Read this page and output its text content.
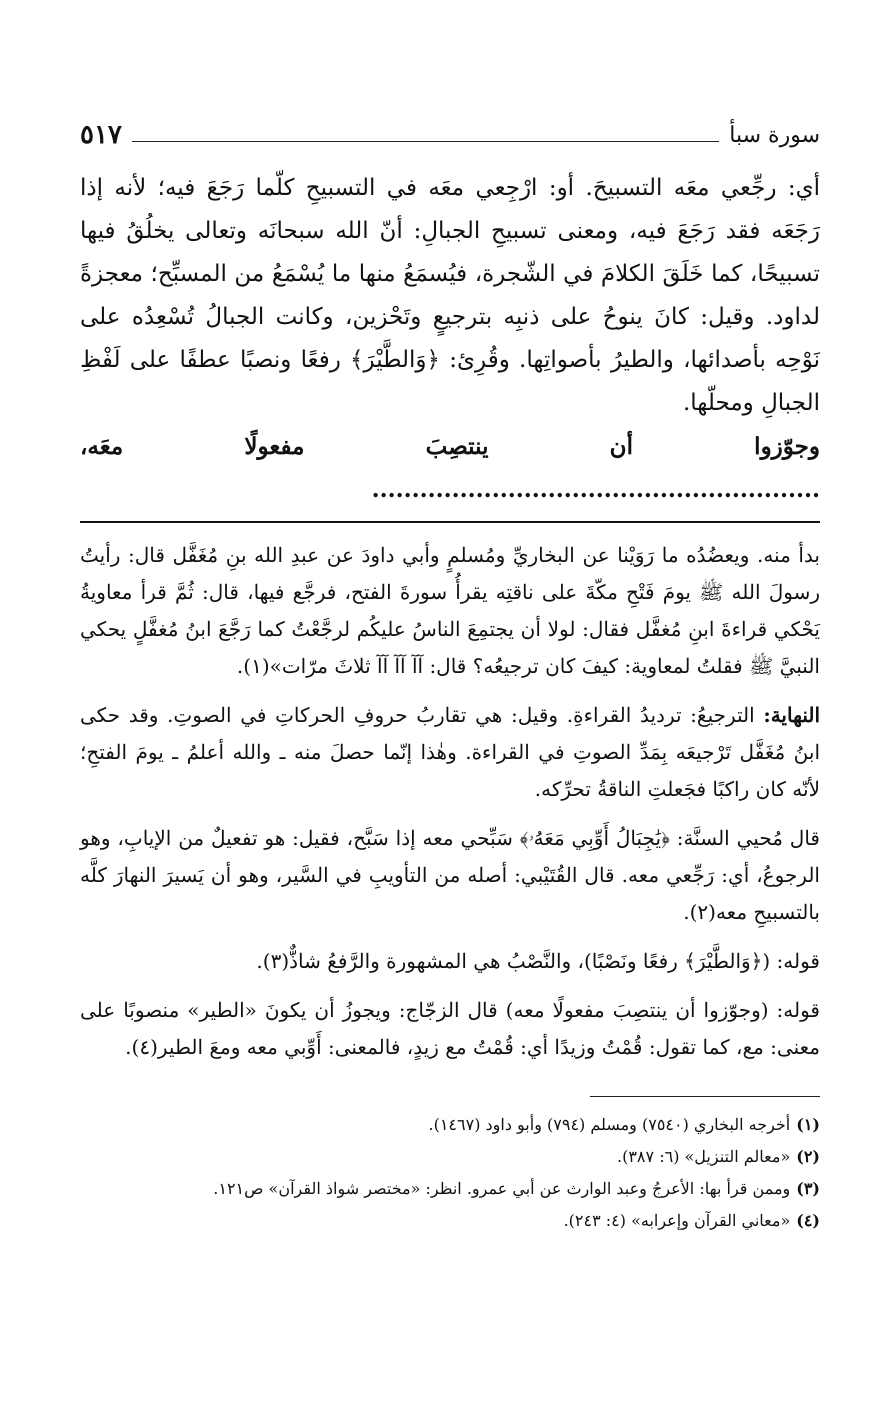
سورة سبأ
٥١٧

أي: رجِّعي معَه التسبيحَ. أو: ارْجِعي معَه في التسبيحِ كلّما رَجَعَ فيه؛ لأنه إذا رَجَعَه فقد رَجَعَ فيه، ومعنى تسبيحِ الجبالِ: أنّ الله سبحانَه وتعالى يخلُقُ فيها تسبيحًا، كما خَلَقَ الكلامَ في الشّجرة، فيُسمَعُ منها ما يُسْمَعُ من المسبِّح؛ معجزةً لداود. وقيل: كانَ ينوحُ على ذنبِه بترجيعٍ وتَحْزين، وكانت الجبالُ تُسْعِدُه على نَوْحِه بأصدائها، والطيرُ بأصواتِها. وقُرِئ: ﴿وَالطَّيْرَ﴾ رفعًا ونصبًا عطفًا على لَفْظِ الجبالِ ومحلّها.
وجوّزوا أن ينتصِبَ مفعولًا معَه، ........................................................

بدأ منه. ويعضُدُه ما رَوَيْنا عن البخاريِّ ومُسلمٍ وأبي داودَ عن عبدِ الله بنِ مُغَفَّل قال: رأيتُ رسولَ الله ﷺ يومَ فَتْحِ مكّةَ على ناقتِه يقرأُ سورةَ الفتح، فرجَّع فيها، قال: ثُمَّ قرأ معاويةُ يَحْكي قراءةَ ابنِ مُغفَّل فقال: لولا أن يجتمِعَ الناسُ عليكُم لرجَّعْتُ كما رَجَّعَ ابنُ مُغفَّلٍ يحكي النبيَّ ﷺ فقلتُ لمعاوية: كيفَ كان ترجيعُه؟ قال: آآ آآ آآ ثلاثَ مرّات»(١).

النهاية: الترجيعُ: ترديدُ القراءةِ. وقيل: هي تقاربُ حروفِ الحركاتِ في الصوتِ. وقد حكى ابنُ مُغَفَّل تَرْجيعَه بِمَدِّ الصوتِ في القراءة. وهٰذا إنّما حصلَ منه ـ والله أعلمُ ـ يومَ الفتحِ؛ لأنّه كان راكبًا فجَعلتِ الناقةُ تحرِّكه.

قال مُحيي السنَّة: ﴿يَٰجِبَالُ أَوِّبِي مَعَهُۥ﴾ سَبِّحي معه إذا سَبَّح، فقيل: هو تفعيلٌ من الإيابِ، وهو الرجوعُ، أي: رَجِّعي معه. قال القُتَيْبي: أصله من التأويبِ في السَّير، وهو أن يَسيرَ النهارَ كلَّه بالتسبيحِ معه(٢).

قوله: (﴿وَالطَّيْرَ﴾ رفعًا ونَصْبًا)، والنَّصْبُ هي المشهورة والرَّفعُ شاذٌّ(٣).

قوله: (وجوّزوا أن ينتصِبَ مفعولًا معه) قال الزجّاج: ويجوزُ أن يكونَ «الطير» منصوبًا على معنى: مع، كما تقول: قُمْتُ وزيدًا أي: قُمْتُ مع زيدٍ، فالمعنى: أَوِّبي معه ومعَ الطير(٤).

(١)أخرجه البخاري (٧٥٤٠) ومسلم (٧٩٤) وأبو داود (١٤٦٧).
(٢)«معالم التنزيل» (٦: ٣٨٧).
(٣)وممن قرأ بها: الأعرجُ وعبد الوارث عن أبي عمرو. انظر: «مختصر شواذ القرآن» ص١٢١.
(٤)«معاني القرآن وإعرابه» (٤: ٢٤٣).
